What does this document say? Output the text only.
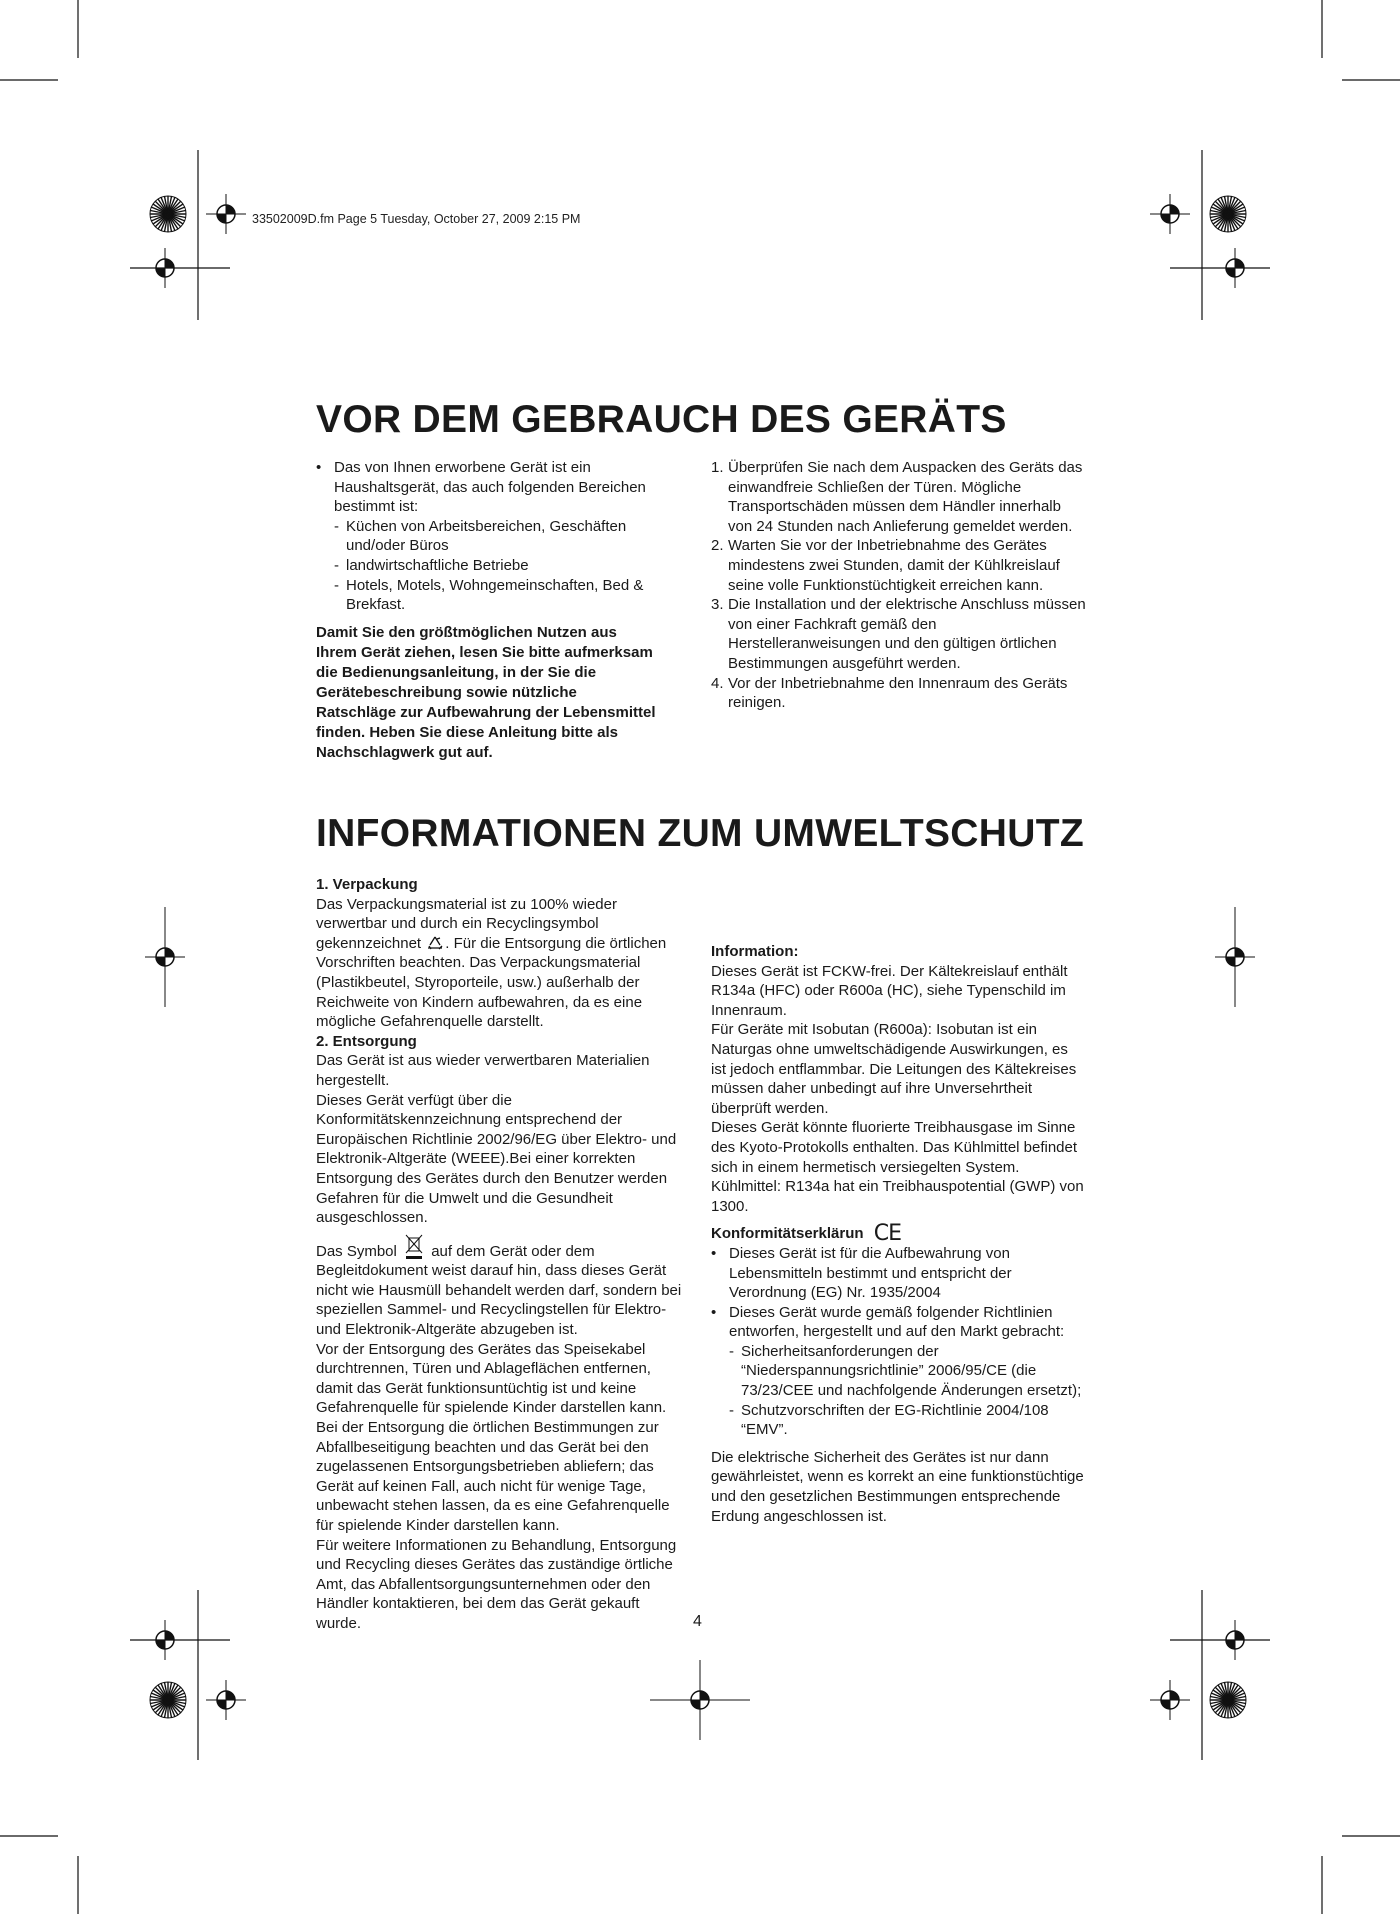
33502009D.fm Page 5 Tuesday, October 27, 2009 2:15 PM
VOR DEM GEBRAUCH DES GERÄTS

• Das von Ihnen erworbene Gerät ist ein Haushaltsgerät, das auch folgenden Bereichen bestimmt ist:

- Küchen von Arbeitsbereichen, Geschäften und/oder Büros

- landwirtschaftliche Betriebe

- Hotels, Motels, Wohngemeinschaften, Bed & Brekfast.

Damit Sie den größtmöglichen Nutzen aus Ihrem Gerät ziehen, lesen Sie bitte aufmerksam die Bedienungsanleitung, in der Sie die Gerätebeschreibung sowie nützliche Ratschläge zur Aufbewahrung der Lebensmittel finden. Heben Sie diese Anleitung bitte als Nachschlagwerk gut auf.

1. Überprüfen Sie nach dem Auspacken des Geräts das einwandfreie Schließen der Türen. Mögliche Transportschäden müssen dem Händler innerhalb von 24 Stunden nach Anlieferung gemeldet werden.

2. Warten Sie vor der Inbetriebnahme des Gerätes mindestens zwei Stunden, damit der Kühlkreislauf seine volle Funktionstüchtigkeit erreichen kann.

3. Die Installation und der elektrische Anschluss müssen von einer Fachkraft gemäß den Herstelleranweisungen und den gültigen örtlichen Bestimmungen ausgeführt werden.

4. Vor der Inbetriebnahme den Innenraum des Geräts reinigen.

INFORMATIONEN ZUM UMWELTSCHUTZ

1. Verpackung

Das Verpackungsmaterial ist zu 100% wieder verwertbar und durch ein Recyclingsymbol gekennzeichnet . Für die Entsorgung die örtlichen Vorschriften beachten. Das Verpackungsmaterial (Plastikbeutel, Styroporteile, usw.) außerhalb der Reichweite von Kindern aufbewahren, da es eine mögliche Gefahrenquelle darstellt.

2. Entsorgung

Das Gerät ist aus wieder verwertbaren Materialien hergestellt.

Dieses Gerät verfügt über die Konformitätskennzeichnung entsprechend der Europäischen Richtlinie 2002/96/EG über Elektro- und Elektronik-Altgeräte (WEEE).Bei einer korrekten Entsorgung des Gerätes durch den Benutzer werden Gefahren für die Umwelt und die Gesundheit ausgeschlossen.

Das Symbol auf dem Gerät oder dem Begleitdokument weist darauf hin, dass dieses Gerät nicht wie Hausmüll behandelt werden darf, sondern bei speziellen Sammel- und Recyclingstellen für Elektro- und Elektronik-Altgeräte abzugeben ist.

Vor der Entsorgung des Gerätes das Speisekabel durchtrennen, Türen und Ablageflächen entfernen, damit das Gerät funktionsuntüchtig ist und keine Gefahrenquelle für spielende Kinder darstellen kann.

Bei der Entsorgung die örtlichen Bestimmungen zur Abfallbeseitigung beachten und das Gerät bei den zugelassenen Entsorgungsbetrieben abliefern; das Gerät auf keinen Fall, auch nicht für wenige Tage, unbewacht stehen lassen, da es eine Gefahrenquelle für spielende Kinder darstellen kann.

Für weitere Informationen zu Behandlung, Entsorgung und Recycling dieses Gerätes das zuständige örtliche Amt, das Abfallentsorgungsunternehmen oder den Händler kontaktieren, bei dem das Gerät gekauft wurde.

Information:

Dieses Gerät ist FCKW-frei. Der Kältekreislauf enthält R134a (HFC) oder R600a (HC), siehe Typenschild im Innenraum.

Für Geräte mit Isobutan (R600a): Isobutan ist ein Naturgas ohne umweltschädigende Auswirkungen, es ist jedoch entflammbar. Die Leitungen des Kältekreises müssen daher unbedingt auf ihre Unversehrtheit überprüft werden.

Dieses Gerät könnte fluorierte Treibhausgase im Sinne des Kyoto-Protokolls enthalten. Das Kühlmittel befindet sich in einem hermetisch versiegelten System.

Kühlmittel: R134a hat ein Treibhauspotential (GWP) von 1300.

Konformitätserklärun CE

• Dieses Gerät ist für die Aufbewahrung von Lebensmitteln bestimmt und entspricht der Verordnung (EG) Nr. 1935/2004

• Dieses Gerät wurde gemäß folgender Richtlinien entworfen, hergestellt und auf den Markt gebracht:

- Sicherheitsanforderungen der “Niederspannungsrichtlinie” 2006/95/CE (die 73/23/CEE und nachfolgende Änderungen ersetzt);

- Schutzvorschriften der EG-Richtlinie 2004/108 “EMV”.

Die elektrische Sicherheit des Gerätes ist nur dann gewährleistet, wenn es korrekt an eine funktionstüchtige und den gesetzlichen Bestimmungen entsprechende Erdung angeschlossen ist.

4
